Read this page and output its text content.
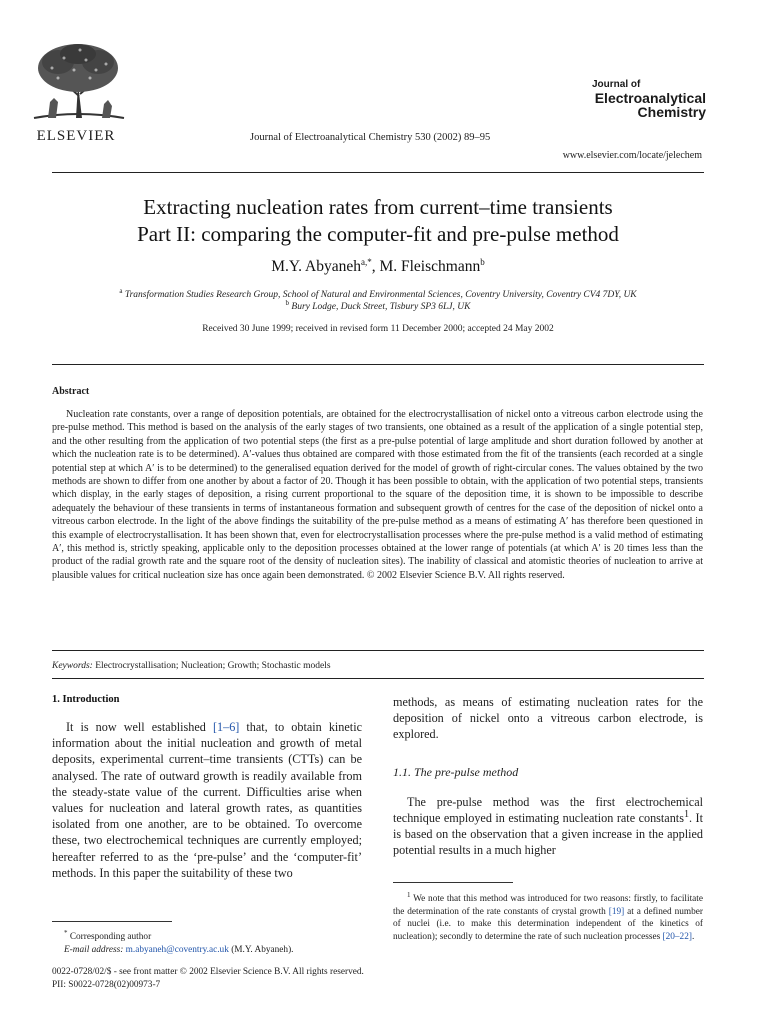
ELSEVIER	Journal of Electroanalytical Chemistry 530 (2002) 89–95
Journal of
Electroanalytical
Chemistry
www.elsevier.com/locate/jelechem
Extracting nucleation rates from current–time transients
Part II: comparing the computer-fit and pre-pulse method
M.Y. Abyaneh$^{a,*}$, M. Fleischmann$^b$
$^a$ Transformation Studies Research Group, School of Natural and Environmental Sciences, Coventry University, Coventry CV4 7DY, UK
$^b$ Bury Lodge, Duck Street, Tisbury SP3 6LJ, UK
Received 30 June 1999; received in revised form 11 December 2000; accepted 24 May 2002
Abstract
Nucleation rate constants, over a range of deposition potentials, are obtained for the electrocrystallisation of nickel onto a vitreous carbon electrode using the pre-pulse method. This method is based on the analysis of the early stages of two transients, one obtained as a result of the application of a single potential step, and the other resulting from the application of two potential steps (the first as a pre-pulse potential of large amplitude and short duration followed by another at which the nucleation rate is to be determined). A′-values thus obtained are compared with those estimated from the fit of the transients (each recorded at a single potential step at which A′ is to be determined) to the generalised equation derived for the model of growth of right-circular cones. The values obtained by the two methods are shown to differ from one another by about a factor of 20. Though it has been possible to obtain, with the application of two potential steps, transients which display, in the early stages of deposition, a rising current proportional to the square of the deposition time, it is shown to be impossible to describe adequately the behaviour of these transients in terms of instantaneous formation and subsequent growth of centres for the case of the deposition of nickel onto a vitreous carbon electrode. In the light of the above findings the suitability of the pre-pulse method as a means of estimating A′ has therefore been questioned in this example of electrocrystallisation. It has been shown that, even for electrocrystallisation processes where the pre-pulse method is a valid method of estimating A′, this method is, strictly speaking, applicable only to the deposition processes obtained at the lower range of potentials (at which A′ is 20 times less than the product of the radial growth rate and the square root of the density of nucleation sites). The inability of classical and atomistic theories of nucleation to arrive at plausible values for critical nucleation size has once again been demonstrated. © 2002 Elsevier Science B.V. All rights reserved.
Keywords: Electrocrystallisation; Nucleation; Growth; Stochastic models
1. Introduction

It is now well established [1–6] that, to obtain kinetic information about the initial nucleation and growth of metal deposits, experimental current–time transients (CTTs) can be analysed. The rate of outward growth is readily available from the steady-state value of the current. Difficulties arise when values for nucleation and lateral growth rates, as quantities isolated from one another, are to be obtained. To overcome these, two electrochemical techniques are currently employed; hereafter referred to as the ‘pre-pulse’ and the ‘computer-fit’ methods. In this paper the suitability of these two

* Corresponding author
E-mail address: m.abyaneh@coventry.ac.uk (M.Y. Abyaneh).

methods, as means of estimating nucleation rates for the deposition of nickel onto a vitreous carbon electrode, is explored.

1.1. The pre-pulse method

The pre-pulse method was the first electrochemical technique employed in estimating nucleation rate constants$^1$. It is based on the observation that a given increase in the applied potential results in a much higher

$^1$ We note that this method was introduced for two reasons: firstly, to facilitate the determination of the rate constants of crystal growth [19] at a defined number of nuclei (i.e. to make this determination independent of the kinetics of nucleation); secondly to determine the rate of such nucleation processes [20–22].
0022-0728/02/$ - see front matter © 2002 Elsevier Science B.V. All rights reserved.
PII: S0022-0728(02)00973-7
